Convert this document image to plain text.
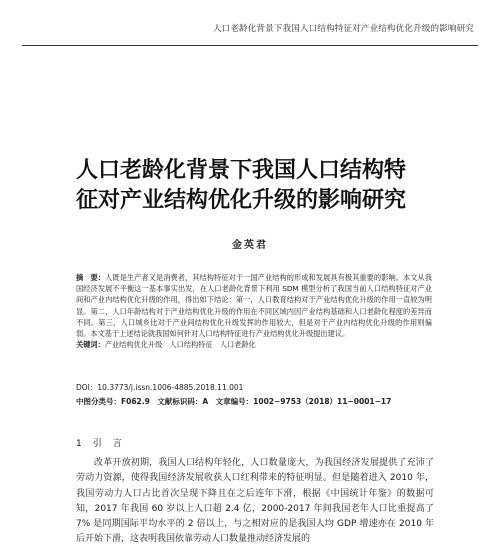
人口老龄化背景下我国人口结构特征对产业结构优化升级的影响研究
人口老龄化背景下我国人口结构特
征对产业结构优化升级的影响研究
金英君
摘　要：人既是生产者又是消费者，其结构特征对于一国产业结构的形成和发展具有极其重要的影响。本文从我国经济发展不平衡这一基本事实出发，在人口老龄化背景下利用 SDM 模型分析了我国当前人口结构特征对产业间和产业内结构优化升级的作用，得出如下结论：第一，人口教育结构对于产业结构优化升级的作用一直较为明显。第二，人口年龄结构对于产业结构优化升级的作用在不同区域内因产业结构基础和人口老龄化程度的差异而不同。第三，人口城乡比对于产业间结构优化升级发挥的作用较大，但是对于产业内结构优化升级的作用则偏弱。本文基于上述结论就我国如何针对人口结构特征进行产业结构优化升级提出建议。
关键词：产业结构优化升级　人口结构特征　人口老龄化
DOI：10.3773/j.issn.1006-4885.2018.11.001
中图分类号：F062.9　文献标识码：A　文章编号：1002−9753（2018）11−0001−17
1　引　言

改革开放初期，我国人口结构年轻化，人口数量庞大，为我国经济发展提供了充沛了劳动力资源，使得我国经济发展收获人口红利带来的特征明显。但是随着进入 2010 年，我国劳动力人口占比首次呈现下降且在之后连年下滑，根据《中国统计年鉴》的数据可知，2017 年我国 60 岁以上人口超 2.4 亿，2000-2017 年间我国老年人口比重提高了 7% 是同期国际平均水平的 2 倍以上，与之相对应的是我国人均 GDP 增速亦在 2010 年后开始下滑，这表明我国依靠劳动人口数量推动经济发展的
